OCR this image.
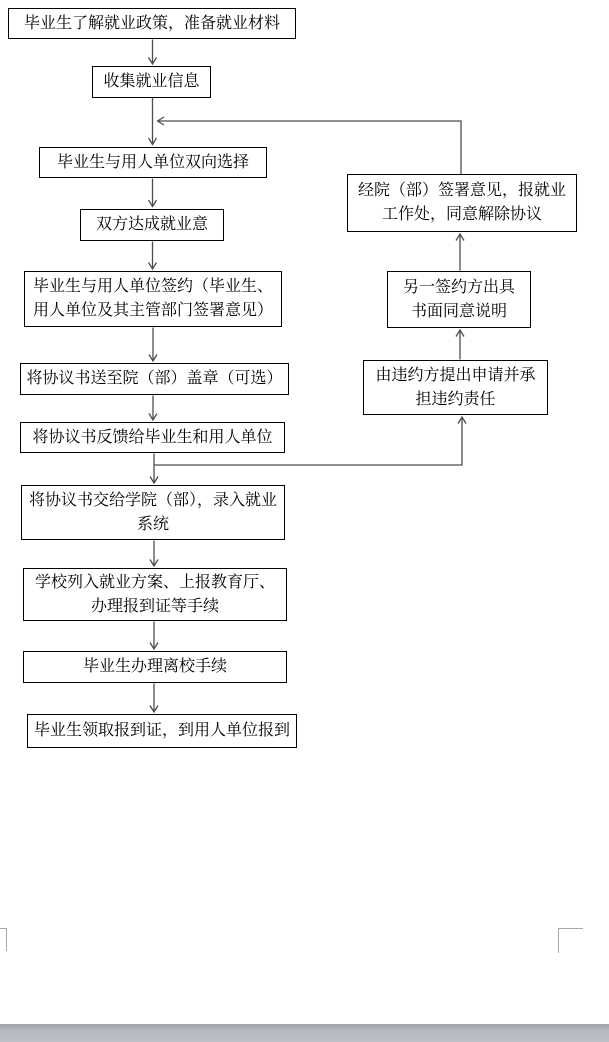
毕业生了解就业政策，准备就业材料
收集就业信息
毕业生与用人单位双向选择
双方达成就业意
毕业生与用人单位签约（毕业生、
用人单位及其主管部门签署意见）
将协议书送至院（部）盖章（可选）
将协议书反馈给毕业生和用人单位
将协议书交给学院（部），录入就业
系统
学校列入就业方案、上报教育厅、
办理报到证等手续
毕业生办理离校手续
毕业生领取报到证，到用人单位报到
经院（部）签署意见，报就业
工作处，同意解除协议
另一签约方出具
书面同意说明
由违约方提出申请并承
担违约责任
